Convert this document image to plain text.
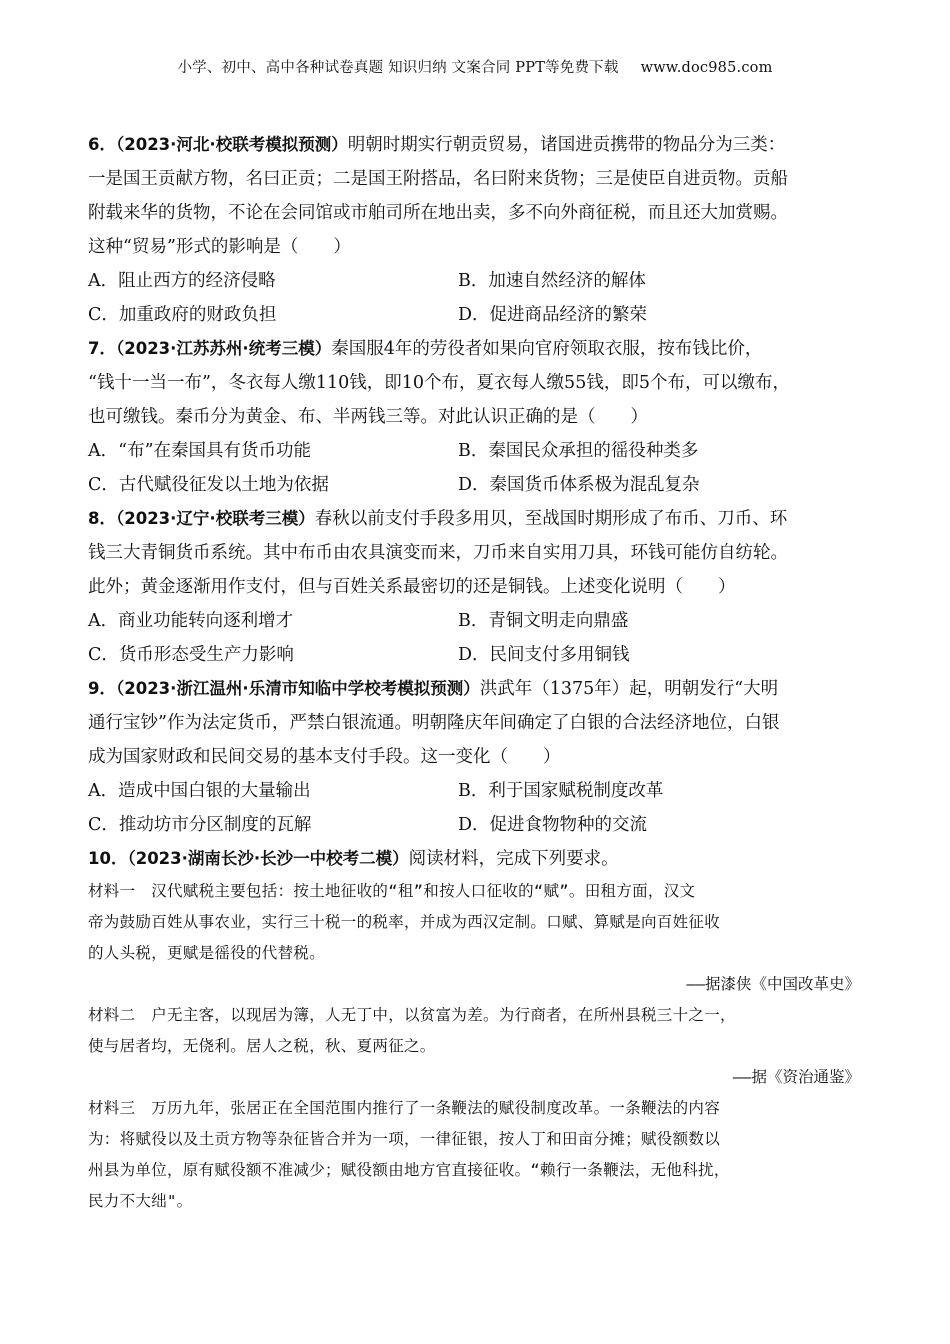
小学、初中、高中各种试卷真题 知识归纳 文案合同 PPT等免费下载 www.doc985.com
6．（2023·河北·校联考模拟预测）明朝时期实行朝贡贸易，诸国进贡携带的物品分为三类：
一是国王贡献方物，名曰正贡；二是国王附搭品，名曰附来货物；三是使臣自进贡物。贡船
附载来华的货物，不论在会同馆或市舶司所在地出卖，多不向外商征税，而且还大加赏赐。
这种“贸易”形式的影响是（　　）
A．阻止西方的经济侵略	B．加速自然经济的解体
C．加重政府的财政负担	D．促进商品经济的繁荣
7．（2023·江苏苏州·统考三模）秦国服4年的劳役者如果向官府领取衣服，按布钱比价，
“钱十一当一布”，冬衣每人缴110钱，即10个布，夏衣每人缴55钱，即5个布，可以缴布，
也可缴钱。秦币分为黄金、布、半两钱三等。对此认识正确的是（　　）
A．“布”在秦国具有货币功能	B．秦国民众承担的徭役种类多
C．古代赋役征发以土地为依据	D．秦国货币体系极为混乱复杂
8．（2023·辽宁·校联考三模）春秋以前支付手段多用贝，至战国时期形成了布币、刀币、环
钱三大青铜货币系统。其中布币由农具演变而来，刀币来自实用刀具，环钱可能仿自纺轮。
此外；黄金逐渐用作支付，但与百姓关系最密切的还是铜钱。上述变化说明（　　）
A．商业功能转向逐利增才	B．青铜文明走向鼎盛
C．货币形态受生产力影响	D．民间支付多用铜钱
9．（2023·浙江温州·乐清市知临中学校考模拟预测）洪武年（1375年）起，明朝发行“大明
通行宝钞”作为法定货币，严禁白银流通。明朝隆庆年间确定了白银的合法经济地位，白银
成为国家财政和民间交易的基本支付手段。这一变化（　　）
A．造成中国白银的大量输出	B．利于国家赋税制度改革
C．推动坊市分区制度的瓦解	D．促进食物物种的交流
10．（2023·湖南长沙·长沙一中校考二模）阅读材料，完成下列要求。
材料一　汉代赋税主要包括：按土地征收的“租”和按人口征收的“赋”。田租方面，汉文
帝为鼓励百姓从事农业，实行三十税一的税率，并成为西汉定制。口赋、算赋是向百姓征收
的人头税，更赋是徭役的代替税。
——据漆侠《中国改革史》
材料二　户无主客，以现居为簿，人无丁中，以贫富为差。为行商者，在所州县税三十之一，
使与居者均，无侥利。居人之税，秋、夏两征之。
——据《资治通鉴》
材料三　万历九年，张居正在全国范围内推行了一条鞭法的赋役制度改革。一条鞭法的内容
为：将赋役以及土贡方物等杂征皆合并为一项，一律征银，按人丁和田亩分摊；赋役额数以
州县为单位，原有赋役额不准减少；赋役额由地方官直接征收。“赖行一条鞭法，无他科扰，
民力不大绌"。
